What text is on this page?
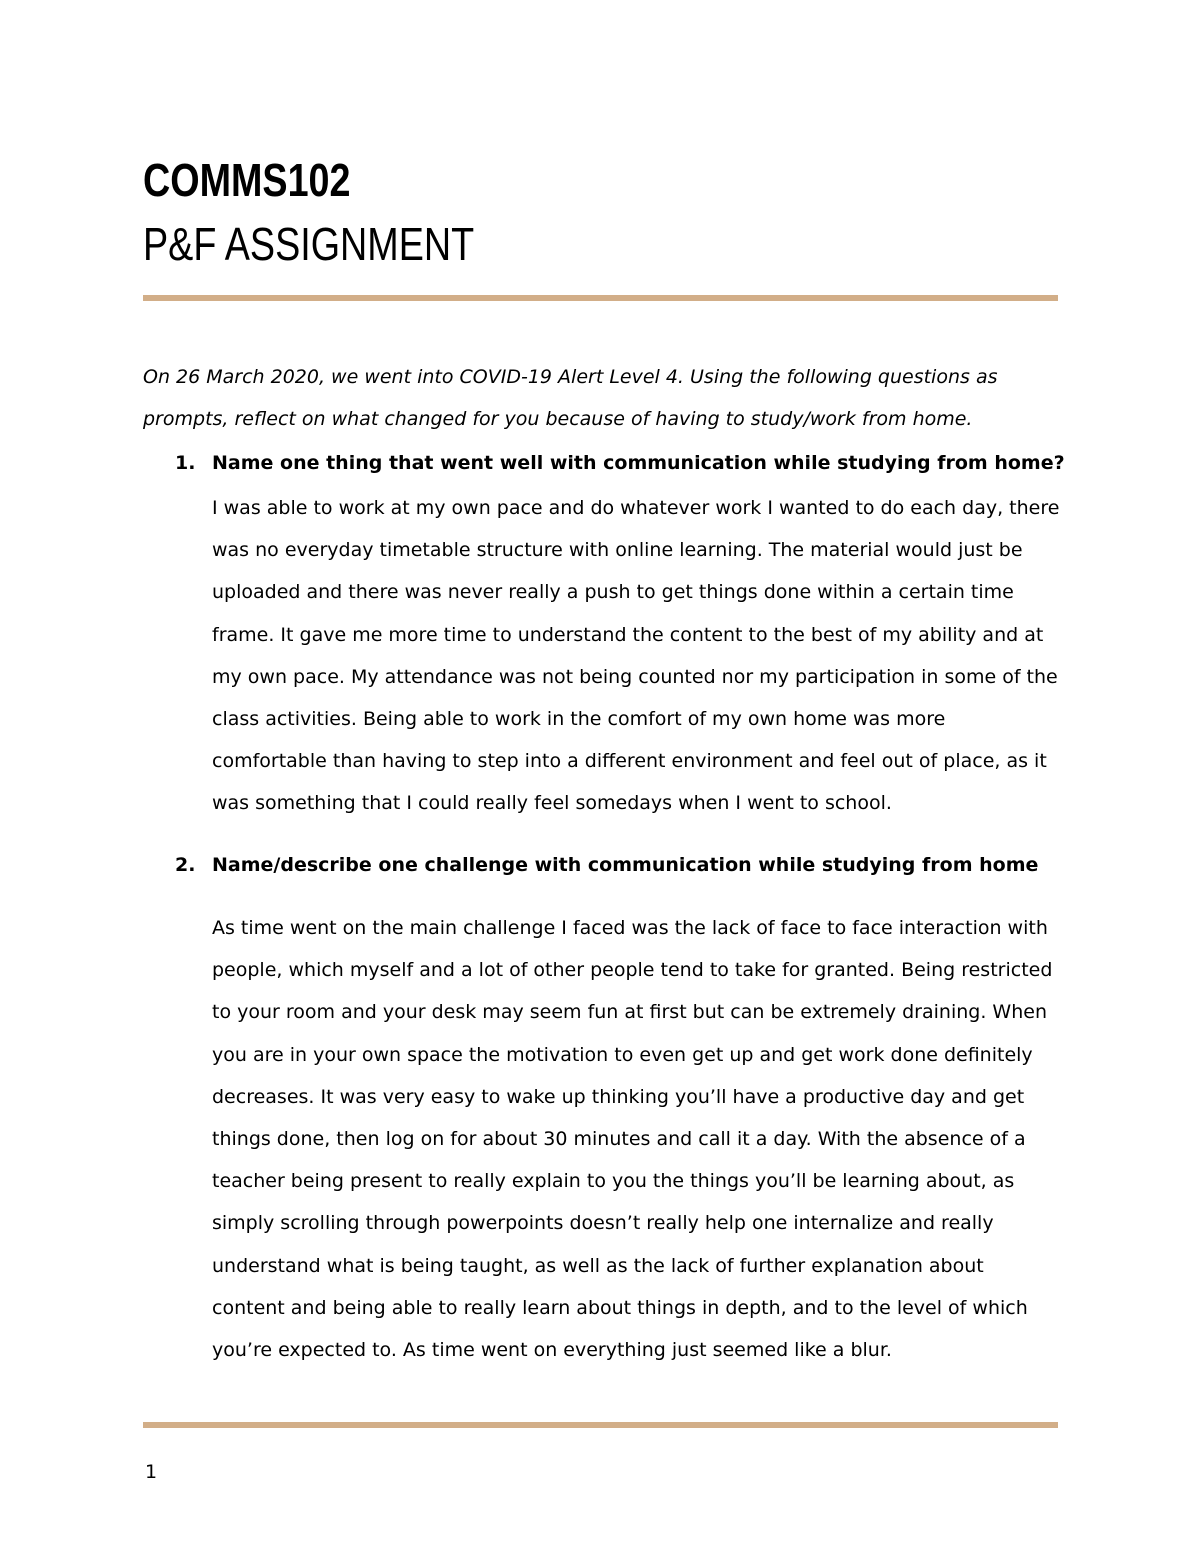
COMMS102
P&F ASSIGNMENT
On 26 March 2020, we went into COVID-19 Alert Level 4. Using the following questions as prompts, reflect on what changed for you because of having to study/work from home.
1. Name one thing that went well with communication while studying from home?
I was able to work at my own pace and do whatever work I wanted to do each day, there was no everyday timetable structure with online learning. The material would just be uploaded and there was never really a push to get things done within a certain time frame. It gave me more time to understand the content to the best of my ability and at my own pace. My attendance was not being counted nor my participation in some of the class activities. Being able to work in the comfort of my own home was more comfortable than having to step into a different environment and feel out of place, as it was something that I could really feel somedays when I went to school.
2. Name/describe one challenge with communication while studying from home
As time went on the main challenge I faced was the lack of face to face interaction with people, which myself and a lot of other people tend to take for granted. Being restricted to your room and your desk may seem fun at first but can be extremely draining. When you are in your own space the motivation to even get up and get work done definitely decreases. It was very easy to wake up thinking you’ll have a productive day and get things done, then log on for about 30 minutes and call it a day. With the absence of a teacher being present to really explain to you the things you’ll be learning about, as simply scrolling through powerpoints doesn’t really help one internalize and really understand what is being taught, as well as the lack of further explanation about content and being able to really learn about things in depth, and to the level of which you’re expected to. As time went on everything just seemed like a blur.
1
